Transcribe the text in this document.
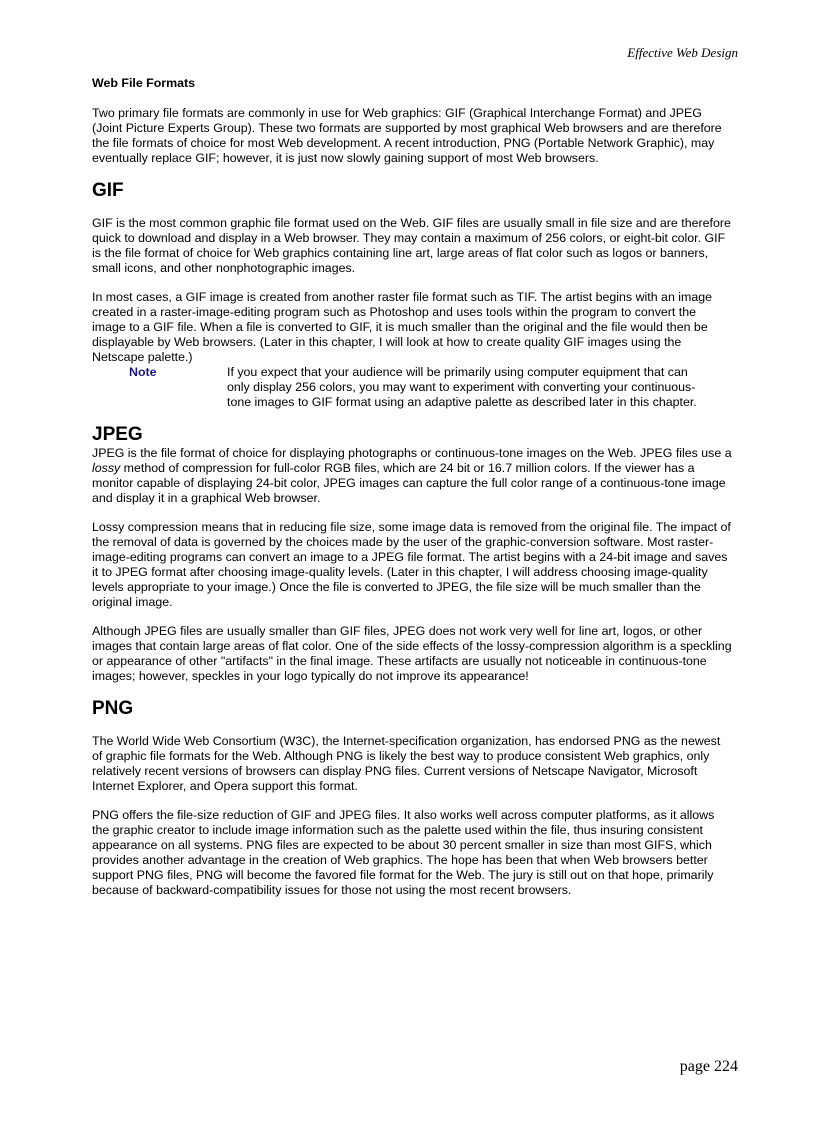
Effective Web Design
Web File Formats

Two primary file formats are commonly in use for Web graphics: GIF (Graphical Interchange Format) and JPEG (Joint Picture Experts Group). These two formats are supported by most graphical Web browsers and are therefore the file formats of choice for most Web development. A recent introduction, PNG (Portable Network Graphic), may eventually replace GIF; however, it is just now slowly gaining support of most Web browsers.

GIF

GIF is the most common graphic file format used on the Web. GIF files are usually small in file size and are therefore quick to download and display in a Web browser. They may contain a maximum of 256 colors, or eight-bit color. GIF is the file format of choice for Web graphics containing line art, large areas of flat color such as logos or banners, small icons, and other nonphotographic images.

In most cases, a GIF image is created from another raster file format such as TIF. The artist begins with an image created in a raster-image-editing program such as Photoshop and uses tools within the program to convert the image to a GIF file. When a file is converted to GIF, it is much smaller than the original and the file would then be displayable by Web browsers. (Later in this chapter, I will look at how to create quality GIF images using the Netscape palette.)

Note	If you expect that your audience will be primarily using computer equipment that can only display 256 colors, you may want to experiment with converting your continuous-tone images to GIF format using an adaptive palette as described later in this chapter.
JPEG

JPEG is the file format of choice for displaying photographs or continuous-tone images on the Web. JPEG files use a lossy method of compression for full-color RGB files, which are 24 bit or 16.7 million colors. If the viewer has a monitor capable of displaying 24-bit color, JPEG images can capture the full color range of a continuous-tone image and display it in a graphical Web browser.

Lossy compression means that in reducing file size, some image data is removed from the original file. The impact of the removal of data is governed by the choices made by the user of the graphic-conversion software. Most raster-image-editing programs can convert an image to a JPEG file format. The artist begins with a 24-bit image and saves it to JPEG format after choosing image-quality levels. (Later in this chapter, I will address choosing image-quality levels appropriate to your image.) Once the file is converted to JPEG, the file size will be much smaller than the original image.

Although JPEG files are usually smaller than GIF files, JPEG does not work very well for line art, logos, or other images that contain large areas of flat color. One of the side effects of the lossy-compression algorithm is a speckling or appearance of other "artifacts" in the final image. These artifacts are usually not noticeable in continuous-tone images; however, speckles in your logo typically do not improve its appearance!

PNG

The World Wide Web Consortium (W3C), the Internet-specification organization, has endorsed PNG as the newest of graphic file formats for the Web. Although PNG is likely the best way to produce consistent Web graphics, only relatively recent versions of browsers can display PNG files. Current versions of Netscape Navigator, Microsoft Internet Explorer, and Opera support this format.

PNG offers the file-size reduction of GIF and JPEG files. It also works well across computer platforms, as it allows the graphic creator to include image information such as the palette used within the file, thus insuring consistent appearance on all systems. PNG files are expected to be about 30 percent smaller in size than most GIFS, which provides another advantage in the creation of Web graphics. The hope has been that when Web browsers better support PNG files, PNG will become the favored file format for the Web. The jury is still out on that hope, primarily because of backward-compatibility issues for those not using the most recent browsers.

page 224
